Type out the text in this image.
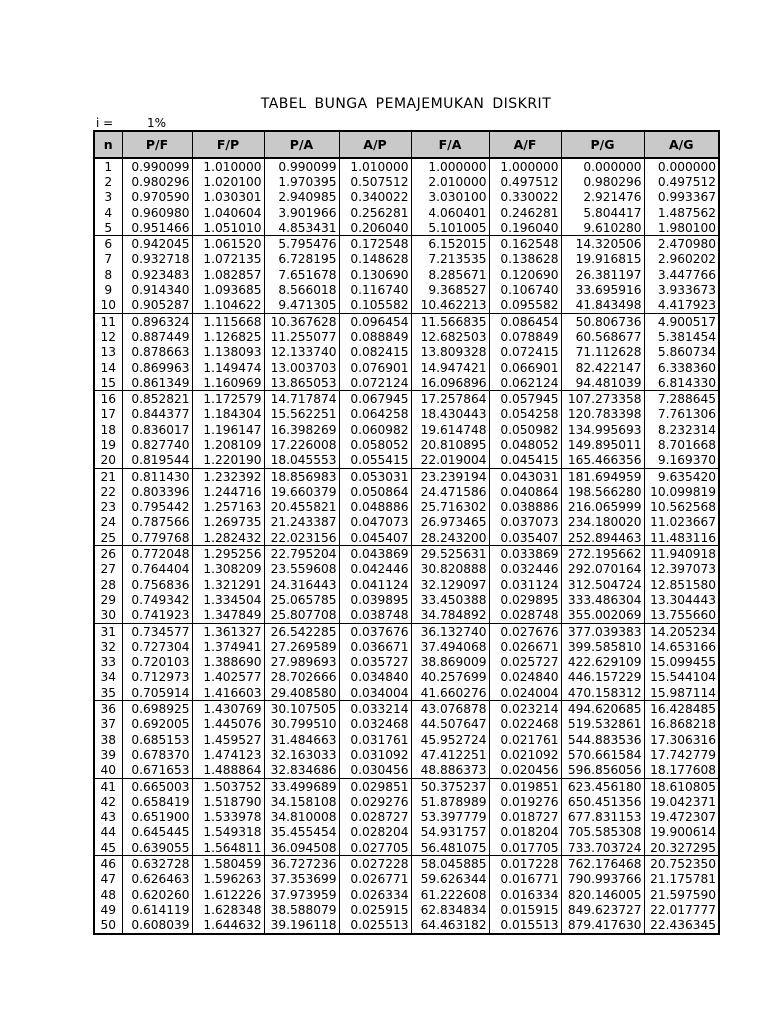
TABEL BUNGA PEMAJEMUKAN DISKRIT
i =	1%
n	P/F	F/P	P/A	A/P	F/A	A/F	P/G	A/G
1	0.990099	1.010000	0.990099	1.010000	1.000000	1.000000	0.000000	0.000000
2	0.980296	1.020100	1.970395	0.507512	2.010000	0.497512	0.980296	0.497512
3	0.970590	1.030301	2.940985	0.340022	3.030100	0.330022	2.921476	0.993367
4	0.960980	1.040604	3.901966	0.256281	4.060401	0.246281	5.804417	1.487562
5	0.951466	1.051010	4.853431	0.206040	5.101005	0.196040	9.610280	1.980100
6	0.942045	1.061520	5.795476	0.172548	6.152015	0.162548	14.320506	2.470980
7	0.932718	1.072135	6.728195	0.148628	7.213535	0.138628	19.916815	2.960202
8	0.923483	1.082857	7.651678	0.130690	8.285671	0.120690	26.381197	3.447766
9	0.914340	1.093685	8.566018	0.116740	9.368527	0.106740	33.695916	3.933673
10	0.905287	1.104622	9.471305	0.105582	10.462213	0.095582	41.843498	4.417923
11	0.896324	1.115668	10.367628	0.096454	11.566835	0.086454	50.806736	4.900517
12	0.887449	1.126825	11.255077	0.088849	12.682503	0.078849	60.568677	5.381454
13	0.878663	1.138093	12.133740	0.082415	13.809328	0.072415	71.112628	5.860734
14	0.869963	1.149474	13.003703	0.076901	14.947421	0.066901	82.422147	6.338360
15	0.861349	1.160969	13.865053	0.072124	16.096896	0.062124	94.481039	6.814330
16	0.852821	1.172579	14.717874	0.067945	17.257864	0.057945	107.273358	7.288645
17	0.844377	1.184304	15.562251	0.064258	18.430443	0.054258	120.783398	7.761306
18	0.836017	1.196147	16.398269	0.060982	19.614748	0.050982	134.995693	8.232314
19	0.827740	1.208109	17.226008	0.058052	20.810895	0.048052	149.895011	8.701668
20	0.819544	1.220190	18.045553	0.055415	22.019004	0.045415	165.466356	9.169370
21	0.811430	1.232392	18.856983	0.053031	23.239194	0.043031	181.694959	9.635420
22	0.803396	1.244716	19.660379	0.050864	24.471586	0.040864	198.566280	10.099819
23	0.795442	1.257163	20.455821	0.048886	25.716302	0.038886	216.065999	10.562568
24	0.787566	1.269735	21.243387	0.047073	26.973465	0.037073	234.180020	11.023667
25	0.779768	1.282432	22.023156	0.045407	28.243200	0.035407	252.894463	11.483116
26	0.772048	1.295256	22.795204	0.043869	29.525631	0.033869	272.195662	11.940918
27	0.764404	1.308209	23.559608	0.042446	30.820888	0.032446	292.070164	12.397073
28	0.756836	1.321291	24.316443	0.041124	32.129097	0.031124	312.504724	12.851580
29	0.749342	1.334504	25.065785	0.039895	33.450388	0.029895	333.486304	13.304443
30	0.741923	1.347849	25.807708	0.038748	34.784892	0.028748	355.002069	13.755660
31	0.734577	1.361327	26.542285	0.037676	36.132740	0.027676	377.039383	14.205234
32	0.727304	1.374941	27.269589	0.036671	37.494068	0.026671	399.585810	14.653166
33	0.720103	1.388690	27.989693	0.035727	38.869009	0.025727	422.629109	15.099455
34	0.712973	1.402577	28.702666	0.034840	40.257699	0.024840	446.157229	15.544104
35	0.705914	1.416603	29.408580	0.034004	41.660276	0.024004	470.158312	15.987114
36	0.698925	1.430769	30.107505	0.033214	43.076878	0.023214	494.620685	16.428485
37	0.692005	1.445076	30.799510	0.032468	44.507647	0.022468	519.532861	16.868218
38	0.685153	1.459527	31.484663	0.031761	45.952724	0.021761	544.883536	17.306316
39	0.678370	1.474123	32.163033	0.031092	47.412251	0.021092	570.661584	17.742779
40	0.671653	1.488864	32.834686	0.030456	48.886373	0.020456	596.856056	18.177608
41	0.665003	1.503752	33.499689	0.029851	50.375237	0.019851	623.456180	18.610805
42	0.658419	1.518790	34.158108	0.029276	51.878989	0.019276	650.451356	19.042371
43	0.651900	1.533978	34.810008	0.028727	53.397779	0.018727	677.831153	19.472307
44	0.645445	1.549318	35.455454	0.028204	54.931757	0.018204	705.585308	19.900614
45	0.639055	1.564811	36.094508	0.027705	56.481075	0.017705	733.703724	20.327295
46	0.632728	1.580459	36.727236	0.027228	58.045885	0.017228	762.176468	20.752350
47	0.626463	1.596263	37.353699	0.026771	59.626344	0.016771	790.993766	21.175781
48	0.620260	1.612226	37.973959	0.026334	61.222608	0.016334	820.146005	21.597590
49	0.614119	1.628348	38.588079	0.025915	62.834834	0.015915	849.623727	22.017777
50	0.608039	1.644632	39.196118	0.025513	64.463182	0.015513	879.417630	22.436345
